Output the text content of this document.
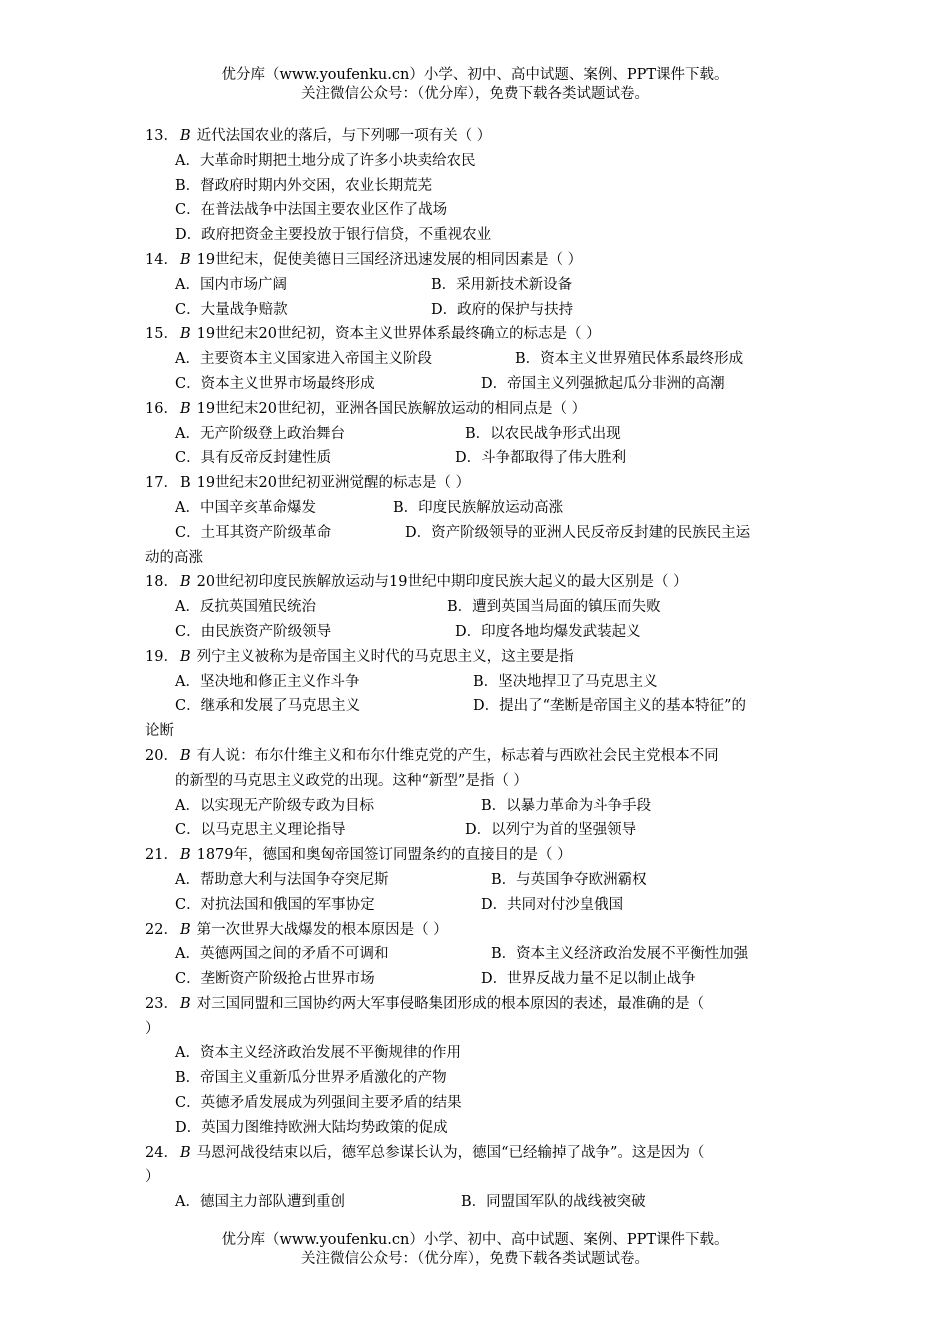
优分库（www.youfenku.cn）小学、初中、高中试题、案例、PPT课件下载。
关注微信公众号：（优分库），免费下载各类试题试卷。
13． B 近代法国农业的落后，与下列哪一项有关（ ）
A．大革命时期把土地分成了许多小块卖给农民
B．督政府时期内外交困，农业长期荒芜
C．在普法战争中法国主要农业区作了战场
D．政府把资金主要投放于银行信贷，不重视农业
14． B 19世纪末，促使美德日三国经济迅速发展的相同因素是（ ）
A．国内市场广阔	B．采用新技术新设备
C．大量战争赔款	D．政府的保护与扶持
15． B 19世纪末20世纪初，资本主义世界体系最终确立的标志是（ ）
A．主要资本主义国家进入帝国主义阶段	B．资本主义世界殖民体系最终形成
C．资本主义世界市场最终形成	D．帝国主义列强掀起瓜分非洲的高潮
16． B 19世纪末20世纪初，亚洲各国民族解放运动的相同点是（ ）
A．无产阶级登上政治舞台	B．以农民战争形式出现
C．具有反帝反封建性质	D．斗争都取得了伟大胜利
17． B 19世纪末20世纪初亚洲觉醒的标志是（ ）
A．中国辛亥革命爆发	B．印度民族解放运动高涨
C．土耳其资产阶级革命	D．资产阶级领导的亚洲人民反帝反封建的民族民主运
动的高涨
18． B 20世纪初印度民族解放运动与19世纪中期印度民族大起义的最大区别是（ ）
A．反抗英国殖民统治	B．遭到英国当局面的镇压而失败
C．由民族资产阶级领导	D．印度各地均爆发武装起义
19． B 列宁主义被称为是帝国主义时代的马克思主义，这主要是指
A．坚决地和修正主义作斗争	B．坚决地捍卫了马克思主义
C．继承和发展了马克思主义	D．提出了“垄断是帝国主义的基本特征”的
论断
20． B 有人说：布尔什维主义和布尔什维克党的产生，标志着与西欧社会民主党根本不同
的新型的马克思主义政党的出现。这种“新型”是指（ ）
A．以实现无产阶级专政为目标	B．以暴力革命为斗争手段
C．以马克思主义理论指导	D．以列宁为首的坚强领导
21． B 1879年，德国和奥匈帝国签订同盟条约的直接目的是（ ）
A．帮助意大利与法国争夺突尼斯	B．与英国争夺欧洲霸权
C．对抗法国和俄国的军事协定	D．共同对付沙皇俄国
22． B 第一次世界大战爆发的根本原因是（ ）
A．英德两国之间的矛盾不可调和	B．资本主义经济政治发展不平衡性加强
C．垄断资产阶级抢占世界市场	D．世界反战力量不足以制止战争
23． B 对三国同盟和三国协约两大军事侵略集团形成的根本原因的表述，最准确的是（
）
A．资本主义经济政治发展不平衡规律的作用
B．帝国主义重新瓜分世界矛盾激化的产物
C．英德矛盾发展成为列强间主要矛盾的结果
D．英国力图维持欧洲大陆均势政策的促成
24． B 马恩河战役结束以后，德军总参谋长认为，德国“已经输掉了战争”。这是因为（
）
A．德国主力部队遭到重创	B．同盟国军队的战线被突破
优分库（www.youfenku.cn）小学、初中、高中试题、案例、PPT课件下载。
关注微信公众号：（优分库），免费下载各类试题试卷。
